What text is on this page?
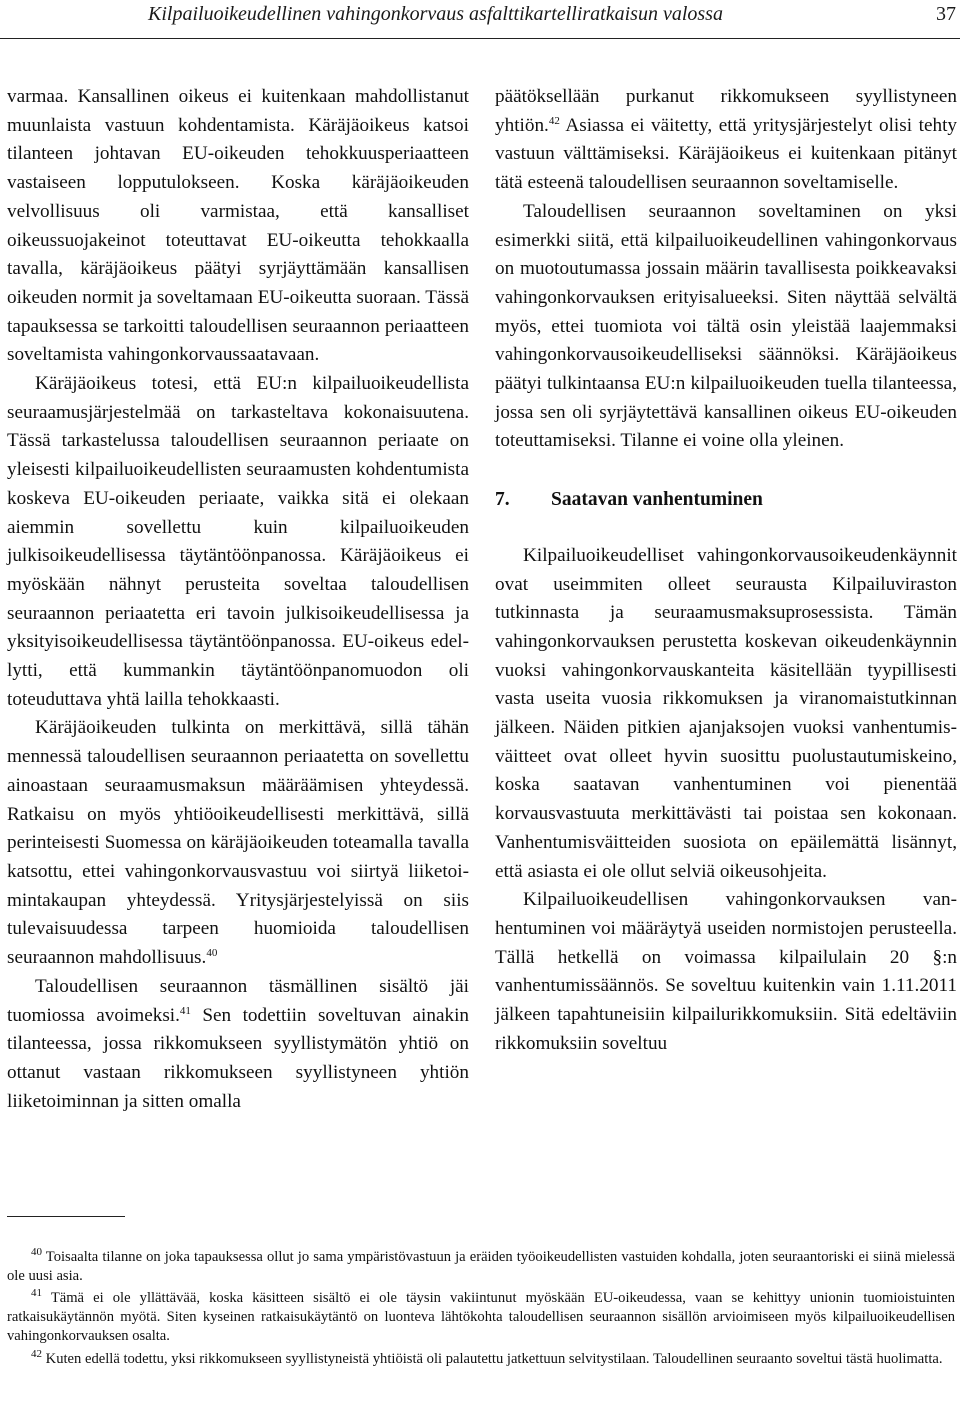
Kilpailuoikeudellinen vahingonkorvaus asfalttikartelliratkaisun valossa	37

varmaa. Kansallinen oikeus ei kuitenkaan mahdollistanut muunlaista vastuun kohdentamista. Käräjäoikeus katsoi tilanteen johtavan EU-oikeuden tehokkuusperiaatteen vastaiseen lopputulokseen. Koska käräjäoikeuden velvollisuus oli varmistaa, että kansalliset oikeussuojakeinot toteuttavat EU-oikeutta tehokkaalla tavalla, käräjäoikeus päätyi syrjäyttämään kansallisen oikeuden normit ja soveltamaan EU-oikeutta suoraan. Tässä tapauksessa se tarkoitti taloudellisen seuraannon periaatteen soveltamista vahingonkorvaussaatavaan.

Käräjäoikeus totesi, että EU:n kilpailuoikeudellista seuraamusjärjestelmää on tarkasteltava kokonaisuutena. Tässä tarkastelussa taloudellisen seuraannon periaate on yleisesti kilpailuoikeudellisten seuraamusten kohdentumista koskeva EU-oikeuden periaate, vaikka sitä ei olekaan aiemmin sovellettu kuin kilpailuoikeuden julkisoikeudellisessa täytäntöönpanossa. Käräjäoikeus ei myöskään nähnyt perusteita soveltaa taloudellisen seuraannon periaatetta eri tavoin julkisoikeudellisessa ja yksityisoikeudellisessa täytäntöönpanossa. EU-oikeus edellytti, että kummankin täytäntöönpanomuodon oli toteuduttava yhtä lailla tehokkaasti.

Käräjäoikeuden tulkinta on merkittävä, sillä tähän mennessä taloudellisen seuraannon periaatetta on sovellettu ainoastaan seuraamusmaksun määräämisen yhteydessä. Ratkaisu on myös yhtiöoikeudellisesti merkittävä, sillä perinteisesti Suomessa on käräjäoikeuden toteamalla tavalla katsottu, ettei vahingonkorvausvastuu voi siirtyä liiketoimintakaupan yhteydessä. Yritysjärjestelyissä on siis tulevaisuudessa tarpeen huomioida taloudellisen seuraannon mahdollisuus.$^{40}$

Taloudellisen seuraannon täsmällinen sisältö jäi tuomiossa avoimeksi.$^{41}$ Sen todettiin soveltuvan ainakin tilanteessa, jossa rikkomukseen syyllistymätön yhtiö on ottanut vastaan rikkomukseen syyllistyneen yhtiön liiketoiminnan ja sitten omalla

päätöksellään purkanut rikkomukseen syyllistyneen yhtiön.$^{42}$ Asiassa ei väitetty, että yritysjärjestelyt olisi tehty vastuun välttämiseksi. Käräjäoikeus ei kuitenkaan pitänyt tätä esteenä taloudellisen seuraannon soveltamiselle.

Taloudellisen seuraannon soveltaminen on yksi esimerkki siitä, että kilpailuoikeudellinen vahingonkorvaus on muotoutumassa jossain määrin tavallisesta poikkeavaksi vahingonkorvauksen erityisalueeksi. Siten näyttää selvältä myös, ettei tuomiota voi tältä osin yleistää laajemmaksi vahingonkorvausoikeudelliseksi säännöksi. Käräjäoikeus päätyi tulkintaansa EU:n kilpailuoikeuden tuella tilanteessa, jossa sen oli syrjäytettävä kansallinen oikeus EU-oikeuden toteuttamiseksi. Tilanne ei voine olla yleinen.

7.	Saatavan vanhentuminen

Kilpailuoikeudelliset vahingonkorvausoikeudenkäynnit ovat useimmiten olleet seurausta Kilpailuviraston tutkinnasta ja seuraamusmaksuprosessista. Tämän vahingonkorvauksen perustetta koskevan oikeudenkäynnin vuoksi vahingonkorvauskanteita käsitellään tyypillisesti vasta useita vuosia rikkomuksen ja viranomaistutkinnan jälkeen. Näiden pitkien ajanjaksojen vuoksi vanhentumisväitteet ovat olleet hyvin suosittu puolustautumiskeino, koska saatavan vanhentuminen voi pienentää korvausvastuuta merkittävästi tai poistaa sen kokonaan. Vanhentumisväitteiden suosiota on epäilemättä lisännyt, että asiasta ei ole ollut selviä oikeusohjeita.

Kilpailuoikeudellisen vahingonkorvauksen vanhentuminen voi määräytyä useiden normistojen perusteella. Tällä hetkellä on voimassa kilpailulain 20 §:n vanhentumissäännös. Se soveltuu kuitenkin vain 1.11.2011 jälkeen tapahtuneisiin kilpailurikkomuksiin. Sitä edeltäviin rikkomuksiin soveltuu

$^{40}$ Toisaalta tilanne on joka tapauksessa ollut jo sama ympäristövastuun ja eräiden työoikeudellisten vastuiden kohdalla, joten seuraantoriski ei siinä mielessä ole uusi asia.

$^{41}$ Tämä ei ole yllättävää, koska käsitteen sisältö ei ole täysin vakiintunut myöskään EU-oikeudessa, vaan se kehittyy unionin tuomioistuinten ratkaisukäytännön myötä. Siten kyseinen ratkaisukäytäntö on luonteva lähtökohta taloudellisen seuraannon sisällön arvioimiseen myös kilpailuoikeudellisen vahingonkorvauksen osalta.

$^{42}$ Kuten edellä todettu, yksi rikkomukseen syyllistyneistä yhtiöistä oli palautettu jatkettuun selvitystilaan. Taloudellinen seuraanto soveltui tästä huolimatta.
